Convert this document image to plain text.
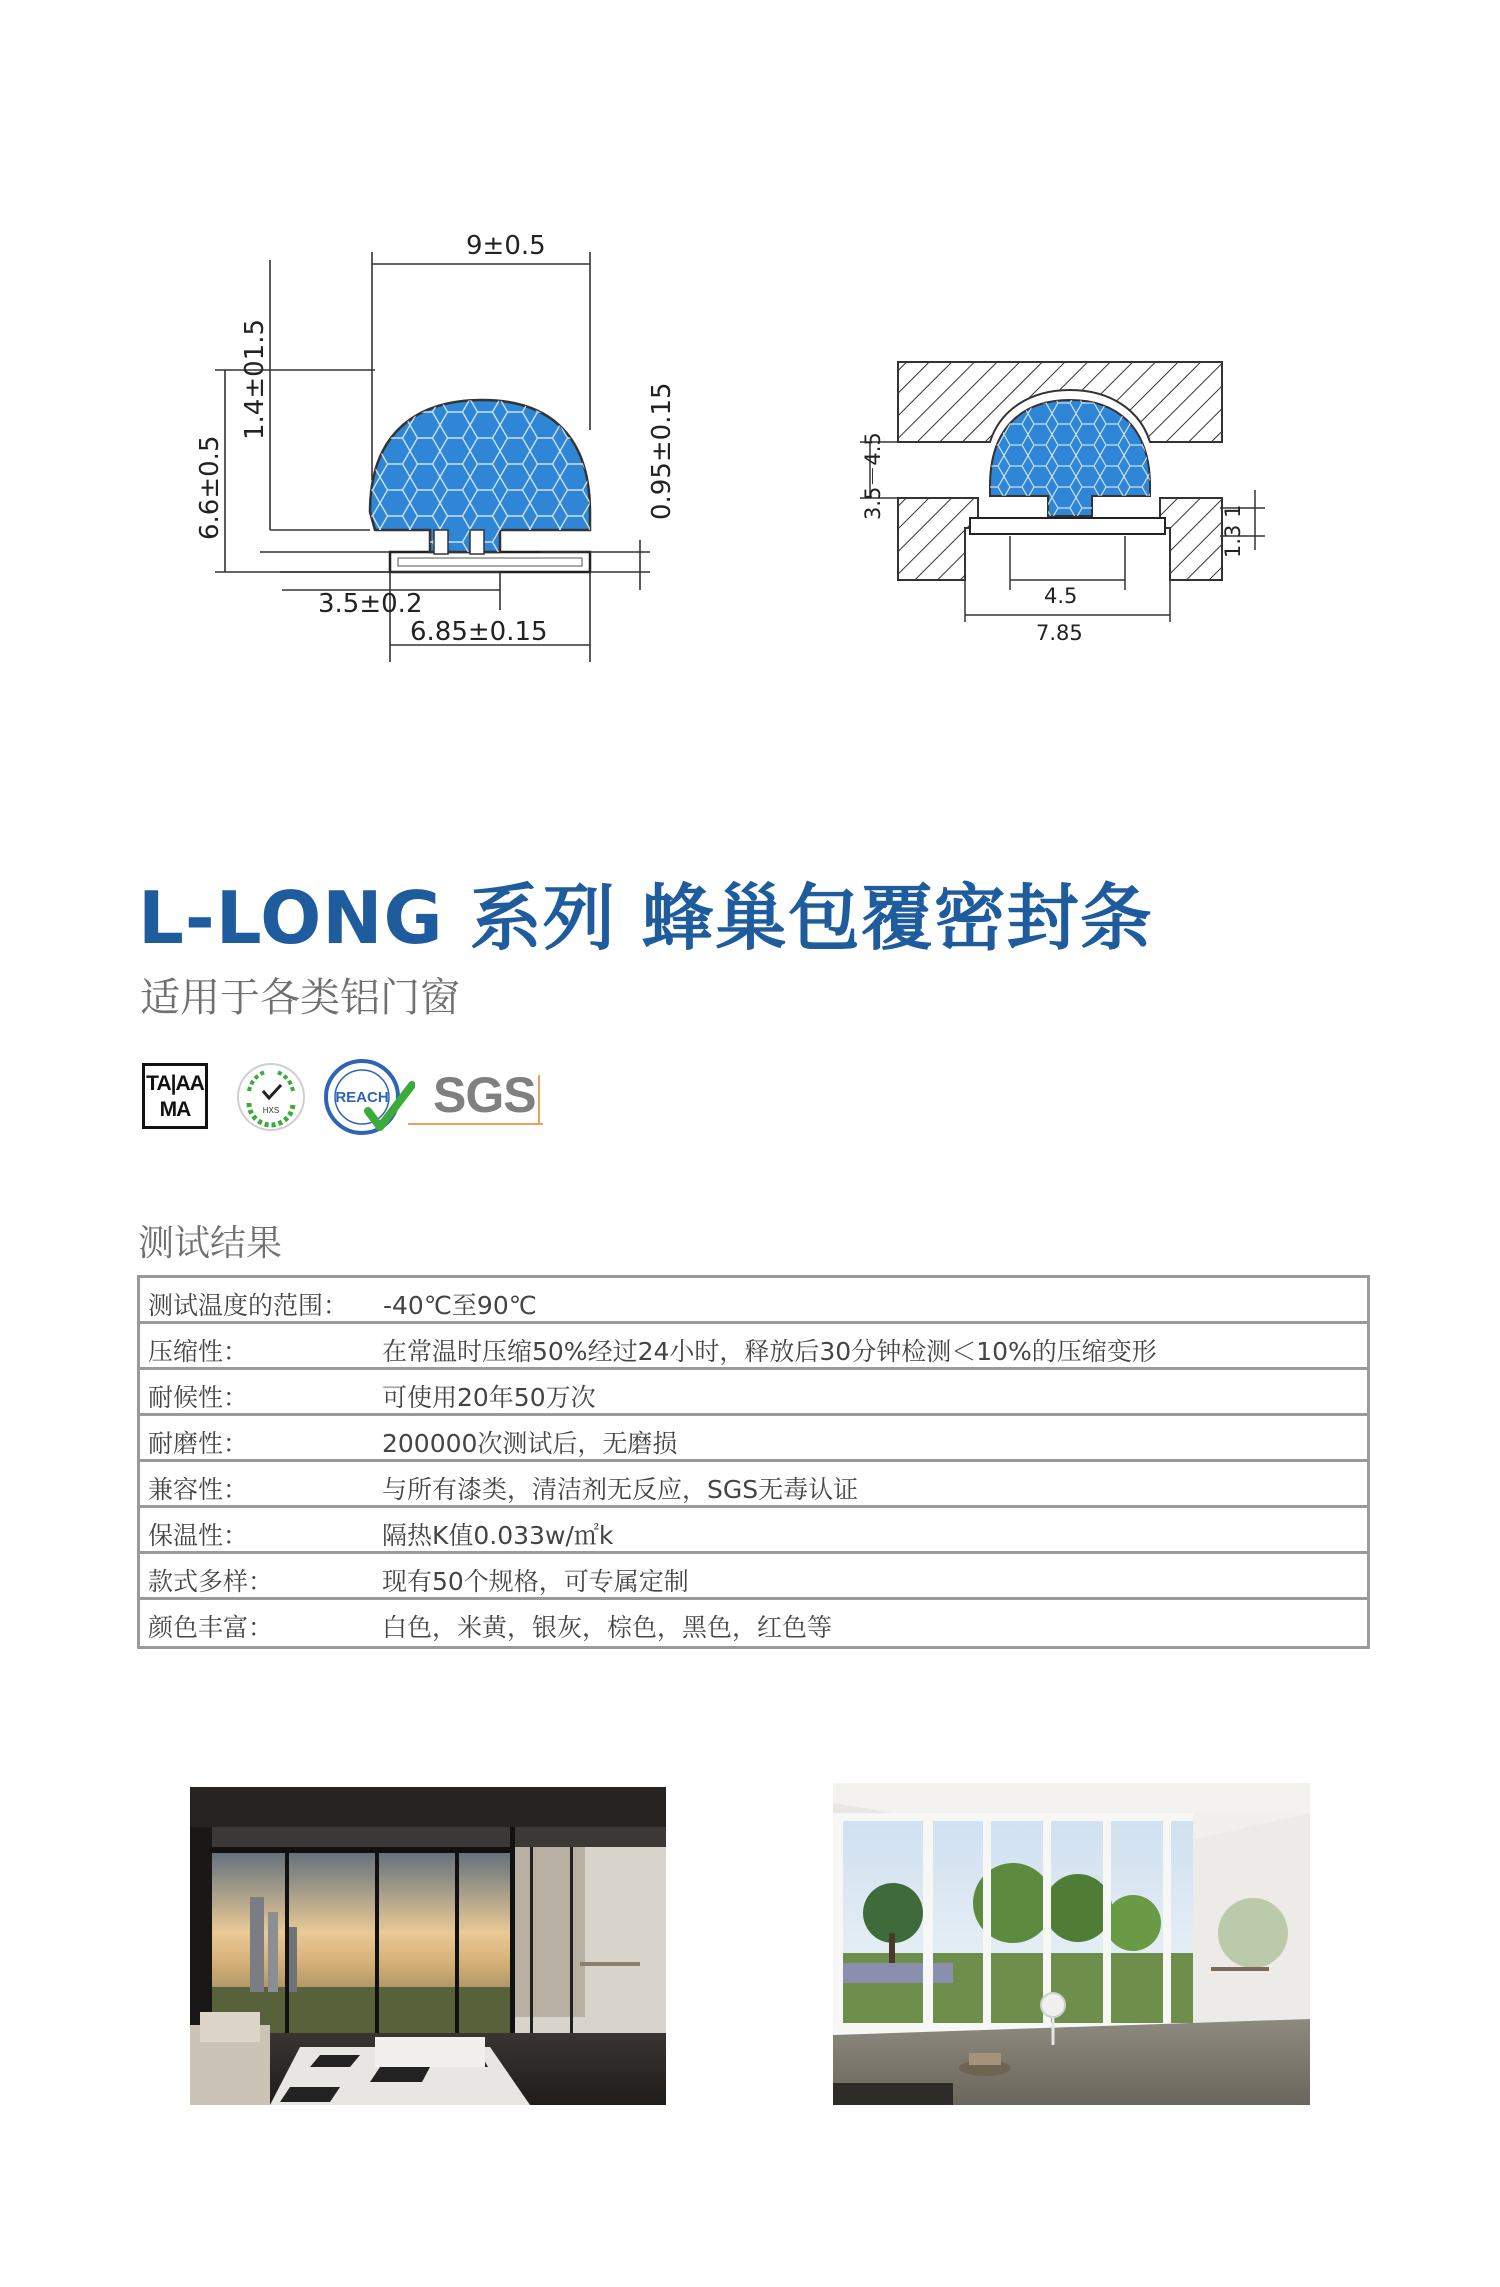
9±0.5
1.4±01.5
6.6±0.5	0.95±0.15
3.5±0.2
6.85±0.15
3.5－4.5
1.3 1
4.5
7.85
L-LONG 系列 蜂巢包覆密封条
适用于各类铝门窗
TA|AA
MA	HXS
REACH SGS
测试结果
测试温度的范围： -40℃至90℃
压缩性：	在常温时压缩50%经过24小时，释放后30分钟检测＜10%的压缩变形
耐候性：	可使用20年50万次
耐磨性：	200000次测试后，无磨损
兼容性：	与所有漆类，清洁剂无反应，SGS无毒认证
保温性：	隔热K值0.033w/㎡k
款式多样：	现有50个规格，可专属定制
颜色丰富：	白色，米黄，银灰，棕色，黑色，红色等
